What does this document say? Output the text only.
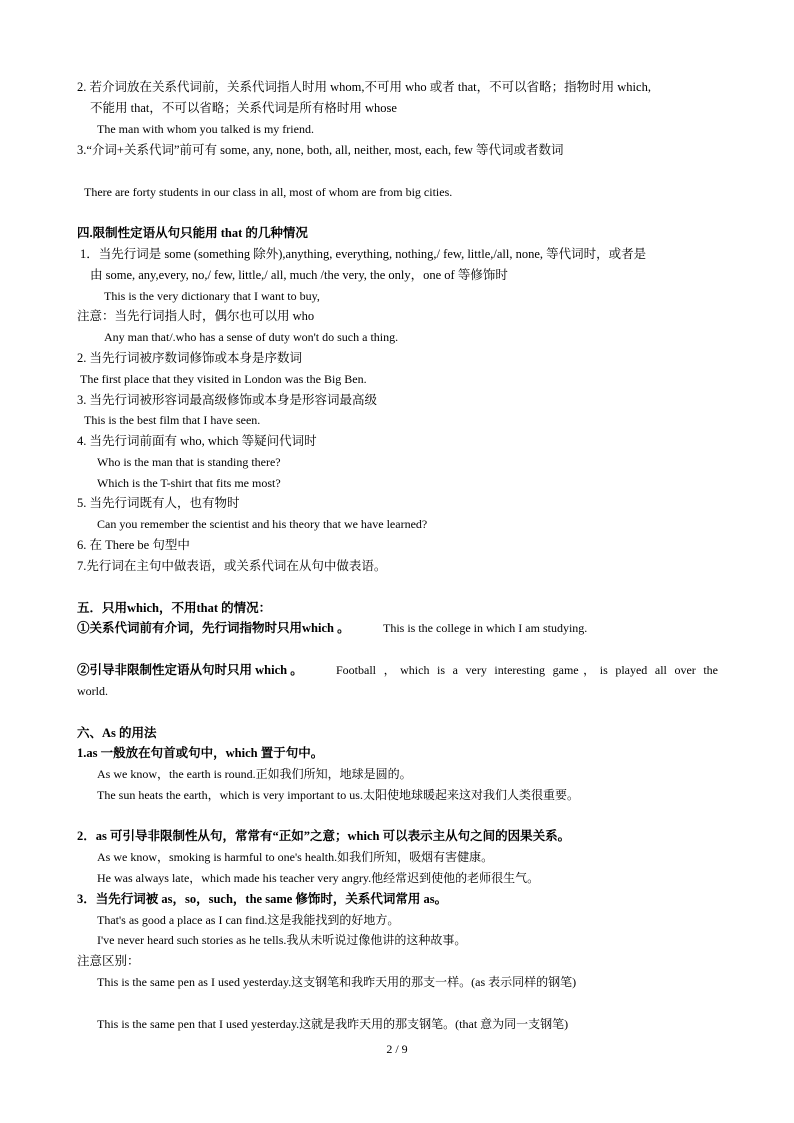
2. 若介词放在关系代词前，关系代词指人时用 whom,不可用 who 或者 that，不可以省略；指物时用 which,
不能用 that，不可以省略；关系代词是所有格时用 whose
The man with whom you talked is my friend.
3.“介词+关系代词”前可有 some, any, none, both, all, neither, most, each, few 等代词或者数词
There are forty students in our class in all, most of whom are from big cities.
四.限制性定语从句只能用 that 的几种情况
1．当先行词是 some (something 除外),anything, everything, nothing,/ few, little,/all, none, 等代词时，或者是
由 some, any,every, no,/ few, little,/ all, much /the very, the only，one of 等修饰时
This is the very dictionary that I want to buy,
注意：当先行词指人时，偶尔也可以用 who
Any man that/.who has a sense of duty won't do such a thing.
2. 当先行词被序数词修饰或本身是序数词
The first place that they visited in London was the Big Ben.
3. 当先行词被形容词最高级修饰或本身是形容词最高级
This is the best film that I have seen.
4. 当先行词前面有 who, which 等疑问代词时
Who is the man that is standing there?
Which is the T-shirt that fits me most?
5. 当先行词既有人，也有物时
Can you remember the scientist and his theory that we have learned?
6. 在 There be 句型中
7.先行词在主句中做表语，或关系代词在从句中做表语。
五．只用which，不用that 的情况：
①关系代词前有介词，先行词指物时只用which 。	This is the college in which I am studying.
②引导非限制性定语从句时只用 which 。	Football ，which is a very interesting game，is played all over the
world.
六、As 的用法
1.as 一般放在句首或句中，which 置于句中。
As we know，the earth is round.正如我们所知，地球是圆的。
The sun heats the earth，which is very important to us.太阳使地球暖起来这对我们人类很重要。
2．as 可引导非限制性从句，常常有“正如”之意；which 可以表示主从句之间的因果关系。
As we know，smoking is harmful to one's health.如我们所知，吸烟有害健康。
He was always late，which made his teacher very angry.他经常迟到使他的老师很生气。
3．当先行词被 as，so，such，the same 修饰时，关系代词常用 as。
That's as good a place as I can find.这是我能找到的好地方。
I've never heard such stories as he tells.我从未听说过像他讲的这种故事。
注意区别：
This is the same pen as I used yesterday.这支钢笔和我昨天用的那支一样。(as 表示同样的钢笔)
This is the same pen that I used yesterday.这就是我昨天用的那支钢笔。(that 意为同一支钢笔)
2 / 9
